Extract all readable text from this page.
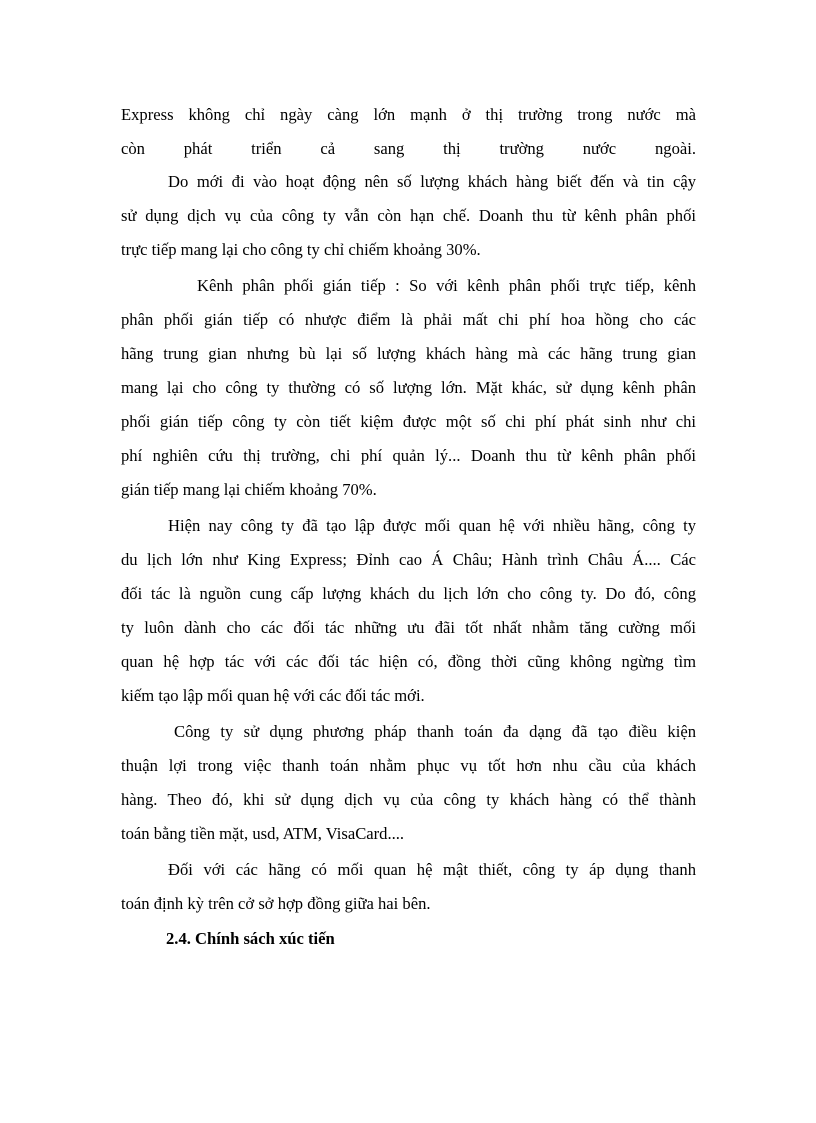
Express không chỉ ngày càng lớn mạnh ở thị trường trong nước mà
còn phát triển cả sang thị trường nước ngoài.
Do mới đi vào hoạt động nên số lượng khách hàng biết đến và tin cậy
sử dụng dịch vụ của công ty vẫn còn hạn chế. Doanh thu từ kênh phân phối
trực tiếp mang lại cho công ty chỉ chiếm khoảng 30%.
Kênh phân phối gián tiếp : So với kênh phân phối trực tiếp, kênh
phân phối gián tiếp có nhược điểm là phải mất chi phí hoa hồng cho các
hãng trung gian nhưng bù lại số lượng khách hàng mà các hãng trung gian
mang lại cho công ty thường có số lượng lớn. Mặt khác, sử dụng kênh phân
phối gián tiếp công ty còn tiết kiệm được một số chi phí phát sinh như chi
phí nghiên cứu thị trường, chi phí quản lý... Doanh thu từ kênh phân phối
gián tiếp mang lại chiếm khoảng 70%.
Hiện nay công ty đã tạo lập được mối quan hệ với nhiều hãng, công ty
du lịch lớn như King Express; Đỉnh cao Á Châu; Hành trình Châu Á.... Các
đối tác là nguồn cung cấp lượng khách du lịch lớn cho công ty. Do đó, công
ty luôn dành cho các đối tác những ưu đãi tốt nhất nhằm tăng cường mối
quan hệ hợp tác với các đối tác hiện có, đồng thời cũng không ngừng tìm
kiếm tạo lập mối quan hệ với các đối tác mới.
Công ty sử dụng phương pháp thanh toán đa dạng đã tạo điều kiện
thuận lợi trong việc thanh toán nhằm phục vụ tốt hơn nhu cầu của khách
hàng. Theo đó, khi sử dụng dịch vụ của công ty khách hàng có thể thành
toán bằng tiền mặt, usd, ATM, VisaCard....
Đối với các hãng có mối quan hệ mật thiết, công ty áp dụng thanh
toán định kỳ trên cở sở hợp đồng giữa hai bên.
2.4. Chính sách xúc tiến
